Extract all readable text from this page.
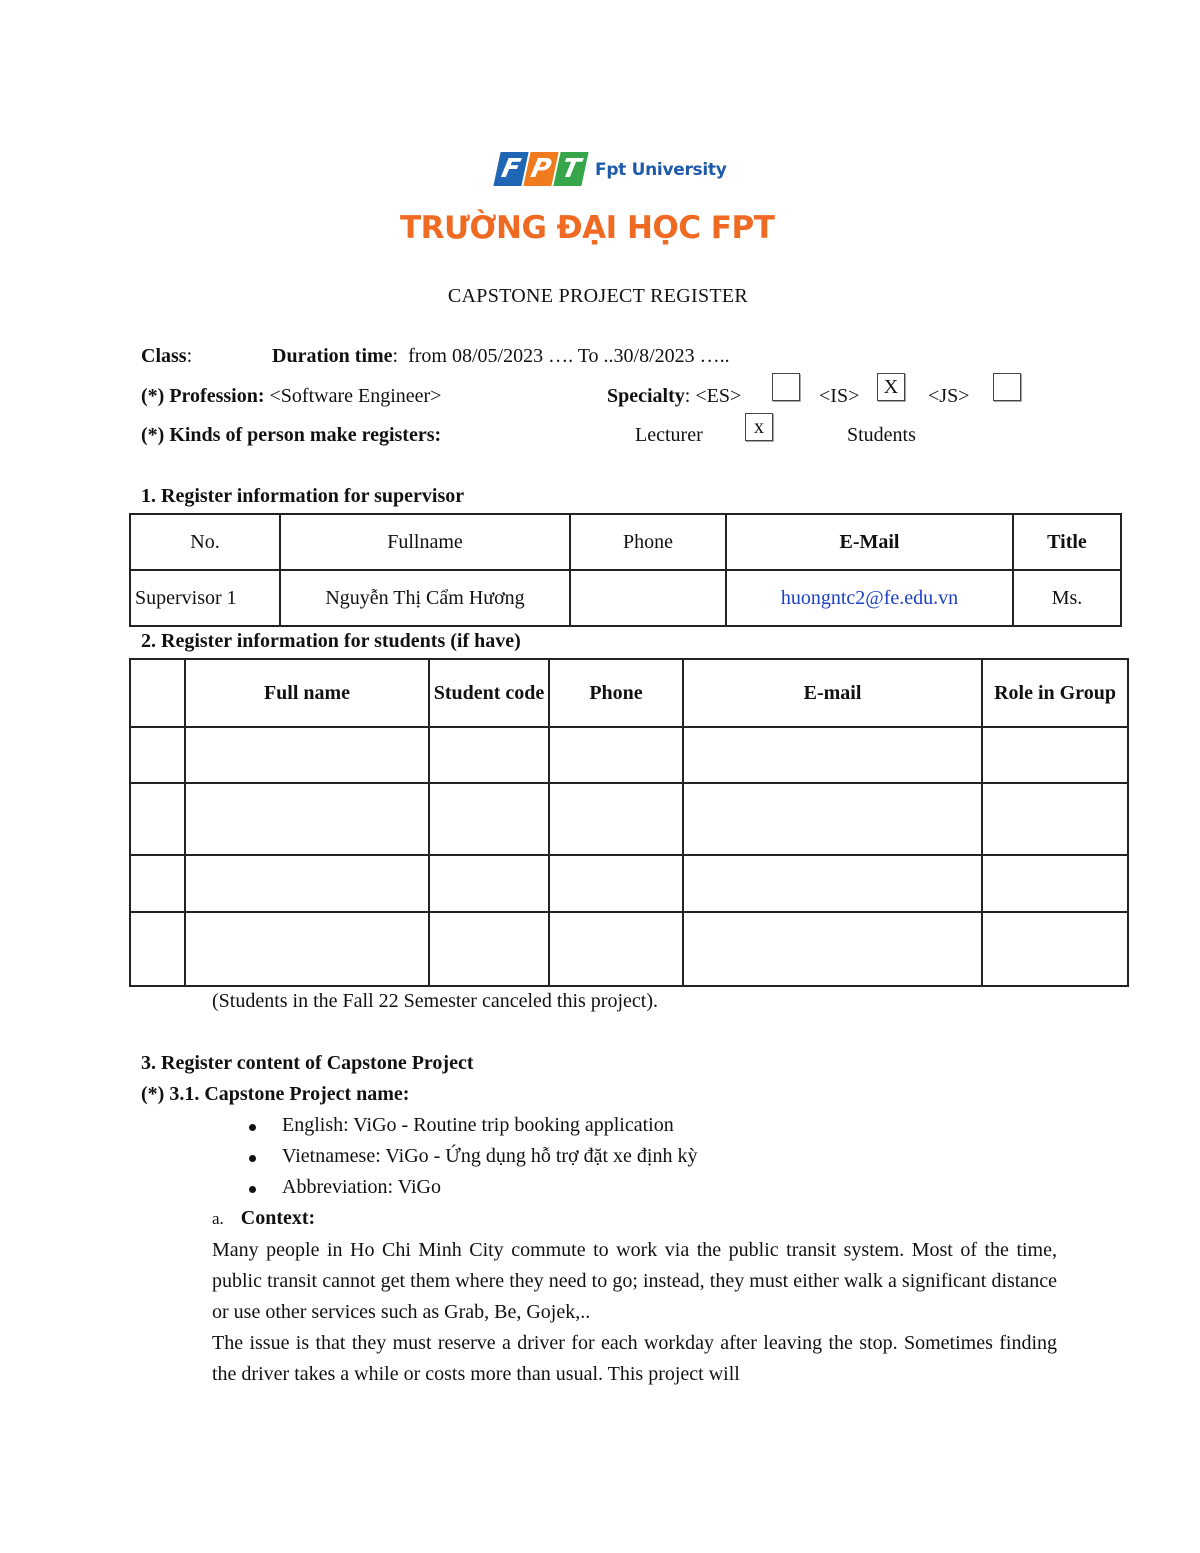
F P T Fpt University
TRƯỜNG ĐẠI HỌC FPT
CAPSTONE PROJECT REGISTER
Class:	Duration time:  from 08/05/2023 …. To ..30/8/2023 …..
(*) Profession: <Software Engineer>	Specialty: <ES>	<IS>	X	<JS>
(*) Kinds of person make registers:	Lecturer	x	Students
1. Register information for supervisor
No.	Fullname	Phone	E-Mail	Title
Supervisor 1	Nguyễn Thị Cẩm Hương		huongntc2@fe.edu.vn	Ms.
2. Register information for students (if have)
	Full name	Student code	Phone	E-mail	Role in Group

(Students in the Fall 22 Semester canceled this project).
3. Register content of Capstone Project
(*) 3.1. Capstone Project name:
English: ViGo - Routine trip booking application
Vietnamese: ViGo - Ứng dụng hỗ trợ đặt xe định kỳ
Abbreviation: ViGo
a. Context:
Many people in Ho Chi Minh City commute to work via the public transit system. Most of the time, public transit cannot get them where they need to go; instead, they must either walk a significant distance or use other services such as Grab, Be, Gojek,..
The issue is that they must reserve a driver for each workday after leaving the stop. Sometimes finding the driver takes a while or costs more than usual. This project will
